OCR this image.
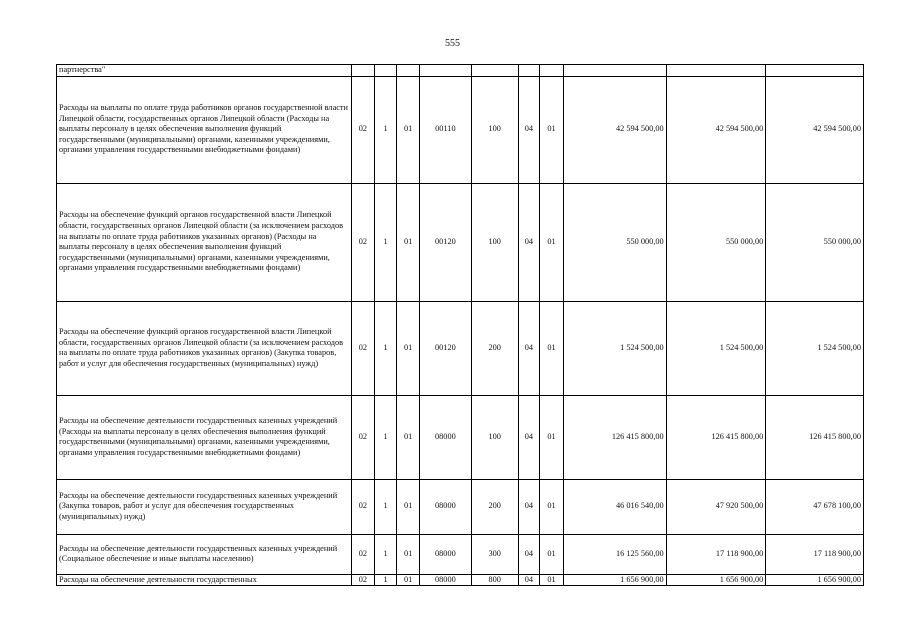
555
партнерства"										
Расходы на выплаты по оплате труда работников органов государственной власти Липецкой области, государственных органов Липецкой области (Расходы на выплаты персоналу в целях обеспечения выполнения функций государственными (муниципальными) органами, казенными учреждениями, органами управления государственными внебюджетными фондами)	02	1	01	00110	100	04	01	42 594 500,00	42 594 500,00	42 594 500,00
Расходы на обеспечение функций органов государственной власти Липецкой области, государственных органов Липецкой области (за исключением расходов на выплаты по оплате труда работников указанных органов) (Расходы на выплаты персоналу в целях обеспечения выполнения функций государственными (муниципальными) органами, казенными учреждениями, органами управления государственными внебюджетными фондами)	02	1	01	00120	100	04	01	550 000,00	550 000,00	550 000,00
Расходы на обеспечение функций органов государственной власти Липецкой области, государственных органов Липецкой области (за исключением расходов на выплаты по оплате труда работников указанных органов) (Закупка товаров, работ и услуг для обеспечения государственных (муниципальных) нужд)	02	1	01	00120	200	04	01	1 524 500,00	1 524 500,00	1 524 500,00
Расходы на обеспечение деятельности государственных казенных учреждений (Расходы на выплаты персоналу в целях обеспечения выполнения функций государственными (муниципальными) органами, казенными учреждениями, органами управления государственными внебюджетными фондами)	02	1	01	08000	100	04	01	126 415 800,00	126 415 800,00	126 415 800,00
Расходы на обеспечение деятельности государственных казенных учреждений (Закупка товаров, работ и услуг для обеспечения государственных (муниципальных) нужд)	02	1	01	08000	200	04	01	46 016 540,00	47 920 500,00	47 678 100,00
Расходы на обеспечение деятельности государственных казенных учреждений (Социальное обеспечение и иные выплаты населению)	02	1	01	08000	300	04	01	16 125 560,00	17 118 900,00	17 118 900,00
Расходы на обеспечение деятельности государственных	02	1	01	08000	800	04	01	1 656 900,00	1 656 900,00	1 656 900,00
